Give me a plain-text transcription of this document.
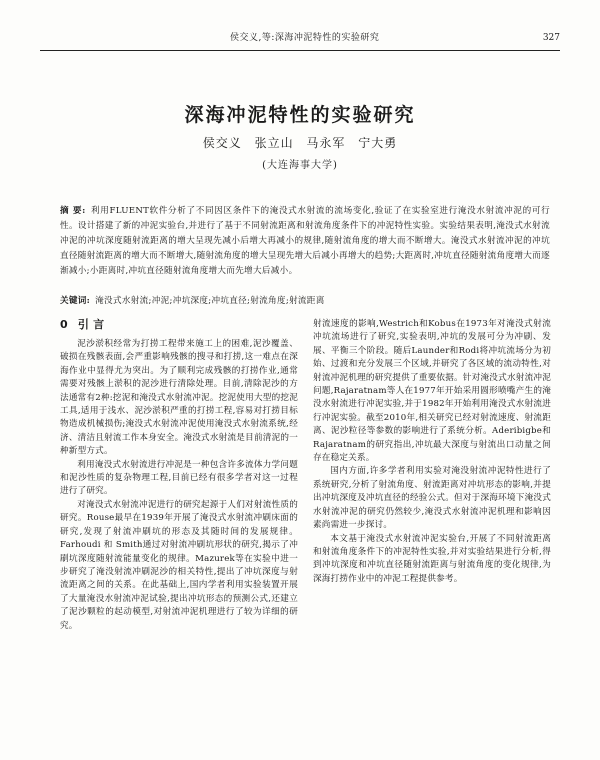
侯交义,等:深海冲泥特性的实验研究	327
深海冲泥特性的实验研究
侯交义 张立山 马永军 宁大勇
(大连海事大学)
摘 要: 利用FLUENT软件分析了不同因区条件下的淹没式水射流的流场变化,验证了在实验室进行淹没水射流冲泥的可行性。设计搭建了新的冲泥实验台,并进行了基于不同射流距离和射流角度条件下的冲泥特性实验。实验结果表明,淹没式水射流冲泥的冲坑深度随射流距离的增大呈现先减小后增大再减小的规律,随射流角度的增大而不断增大。淹没式水射流冲泥的冲坑直径随射流距离的增大而不断增大,随射流角度的增大呈现先增大后减小再增大的趋势;大距离时,冲坑直径随射流角度增大而逐渐减小;小距离时,冲坑直径随射流角度增大而先增大后减小。
关键词: 淹没式水射流;冲泥;冲坑深度;冲坑直径;射流角度;射流距离
0 引 言

泥沙淤积经常为打捞工程带来施工上的困难,泥沙覆盖、破损在残骸表面,会严重影响残骸的搜寻和打捞,这一难点在深海作业中显得尤为突出。为了顺利完成残骸的打捞作业,通常需要对残骸上淤积的泥沙进行清除处理。目前,清除泥沙的方法通常有2种:挖泥和淹没式水射流冲泥。挖泥使用大型的挖泥工具,适用于浅水、泥沙淤积严重的打捞工程,容易对打捞目标物造成机械损伤;淹没式水射流冲泥使用淹没式水射流系统,经济、清洁且射流工作本身安全。淹没式水射流是目前清泥的一种新型方式。

利用淹没式水射流进行冲泥是一种包含许多流体力学问题和泥沙性质的复杂物理工程,目前已经有很多学者对这一过程进行了研究。

对淹没式水射流冲泥进行的研究起源于人们对射流性质的研究。Rouse最早在1939年开展了淹没式水射流冲刷床面的研究,发现了射流冲刷坑的形态及其随时间的发展规律。Farhoudi 和 Smith通过对射流冲刷坑形状的研究,揭示了冲刷坑深度随射流能量变化的规律。Mazurek等在实验中进一步研究了淹没射流冲刷泥沙的相关特性,提出了冲坑深度与射流距离之间的关系。在此基础上,国内学者利用实验装置开展了大量淹没水射流冲泥试验,提出冲坑形态的预测公式,还建立了泥沙颗粒的起动模型,对射流冲泥机理进行了较为详细的研究。

射流速度的影响,Westrich和Kobus在1973年对淹没式射流冲坑流场进行了研究,实验表明,冲坑的发展可分为冲刷、发展、平衡三个阶段。随后Launder和Rodi将冲坑流场分为初始、过渡和充分发展三个区域,并研究了各区域的流动特性,对射流冲泥机理的研究提供了重要依据。针对淹没式水射流冲泥问题,Rajaratnam等人在1977年开始采用圆形喷嘴产生的淹没水射流进行冲泥实验,并于1982年开始利用淹没式水射流进行冲泥实验。截至2010年,相关研究已经对射流速度、射流距离、泥沙粒径等参数的影响进行了系统分析。Aderibigbe和Rajaratnam的研究指出,冲坑最大深度与射流出口动量之间存在稳定关系。

国内方面,许多学者利用实验对淹没射流冲泥特性进行了系统研究,分析了射流角度、射流距离对冲坑形态的影响,并提出冲坑深度及冲坑直径的经验公式。但对于深海环境下淹没式水射流冲泥的研究仍然较少,淹没式水射流冲泥机理和影响因素尚需进一步探讨。

本文基于淹没式水射流冲泥实验台,开展了不同射流距离和射流角度条件下的冲泥特性实验,并对实验结果进行分析,得到冲坑深度和冲坑直径随射流距离与射流角度的变化规律,为深海打捞作业中的冲泥工程提供参考。
